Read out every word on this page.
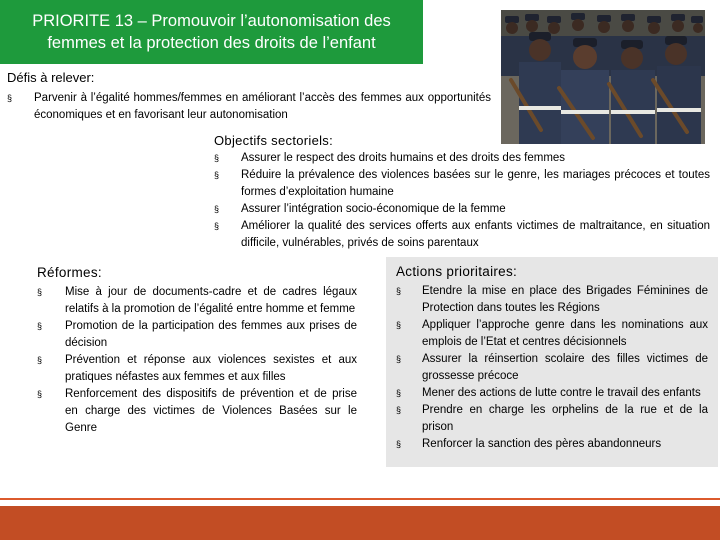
PRIORITE 13 – Promouvoir l’autonomisation des
femmes et la protection des droits de l’enfant
Défis à relever:
§ Parvenir à l’égalité hommes/femmes en améliorant l’accès des femmes aux opportunités économiques et en favorisant leur autonomisation
Objectifs sectoriels:
§ Assurer le respect des droits humains et des droits des femmes
§ Réduire la prévalence des violences basées sur le genre, les mariages précoces et toutes formes d’exploitation humaine
§ Assurer l’intégration socio-économique de la femme
§ Améliorer la qualité des services offerts aux enfants victimes de maltraitance, en situation difficile, vulnérables, privés de soins parentaux
Réformes:
§ Mise à jour de documents-cadre et de cadres légaux relatifs à la promotion de l’égalité entre homme et femme
§ Promotion de la participation des femmes aux prises de décision
§ Prévention et réponse aux violences sexistes et aux pratiques néfastes aux femmes et aux filles
§ Renforcement des dispositifs de prévention et de prise en charge des victimes de Violences Basées sur le Genre
Actions prioritaires:
§ Etendre la mise en place des Brigades Féminines de Protection dans toutes les Régions
§ Appliquer l’approche genre dans les nominations aux emplois de l’Etat et centres décisionnels
§ Assurer la réinsertion scolaire des filles victimes de grossesse précoce
§ Mener des actions de lutte contre le travail des enfants
§ Prendre en charge les orphelins de la rue et de la prison
§ Renforcer la sanction des pères abandonneurs
